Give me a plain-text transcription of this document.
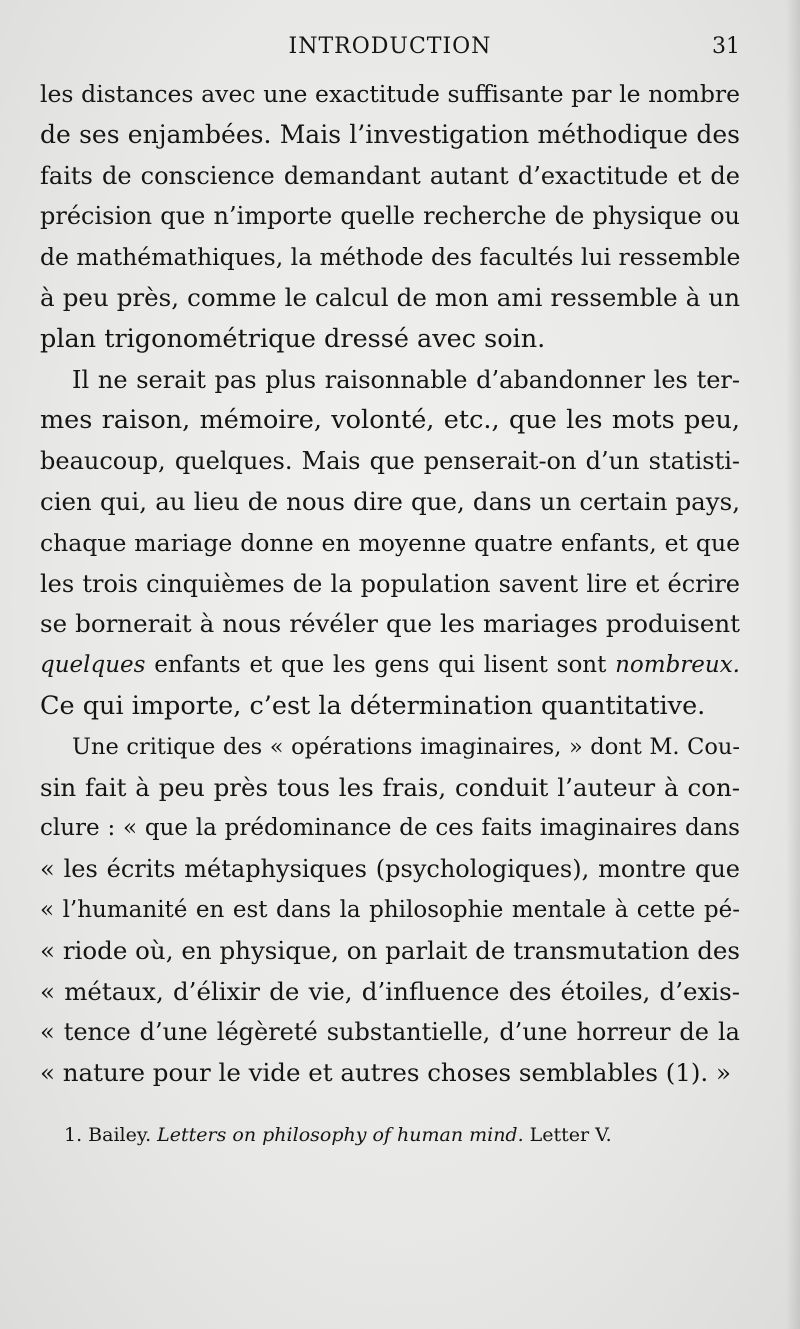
INTRODUCTION	31
les distances avec une exactitude suffisante par le nombre
de ses enjambées. Mais l’investigation méthodique des
faits de conscience demandant autant d’exactitude et de
précision que n’importe quelle recherche de physique ou
de mathémathiques, la méthode des facultés lui ressemble
à peu près, comme le calcul de mon ami ressemble à un
plan trigonométrique dressé avec soin.
Il ne serait pas plus raisonnable d’abandonner les ter-
mes raison, mémoire, volonté, etc., que les mots peu,
beaucoup, quelques. Mais que penserait-on d’un statisti-
cien qui, au lieu de nous dire que, dans un certain pays,
chaque mariage donne en moyenne quatre enfants, et que
les trois cinquièmes de la population savent lire et écrire
se bornerait à nous révéler que les mariages produisent
quelques enfants et que les gens qui lisent sont nombreux.
Ce qui importe, c’est la détermination quantitative.
Une critique des « opérations imaginaires, » dont M. Cou-
sin fait à peu près tous les frais, conduit l’auteur à con-
clure : « que la prédominance de ces faits imaginaires dans
« les écrits métaphysiques (psychologiques), montre que
« l’humanité en est dans la philosophie mentale à cette pé-
« riode où, en physique, on parlait de transmutation des
« métaux, d’élixir de vie, d’influence des étoiles, d’exis-
« tence d’une légèreté substantielle, d’une horreur de la
« nature pour le vide et autres choses semblables (1). »
1. Bailey. Letters on philosophy of human mind. Letter V.
